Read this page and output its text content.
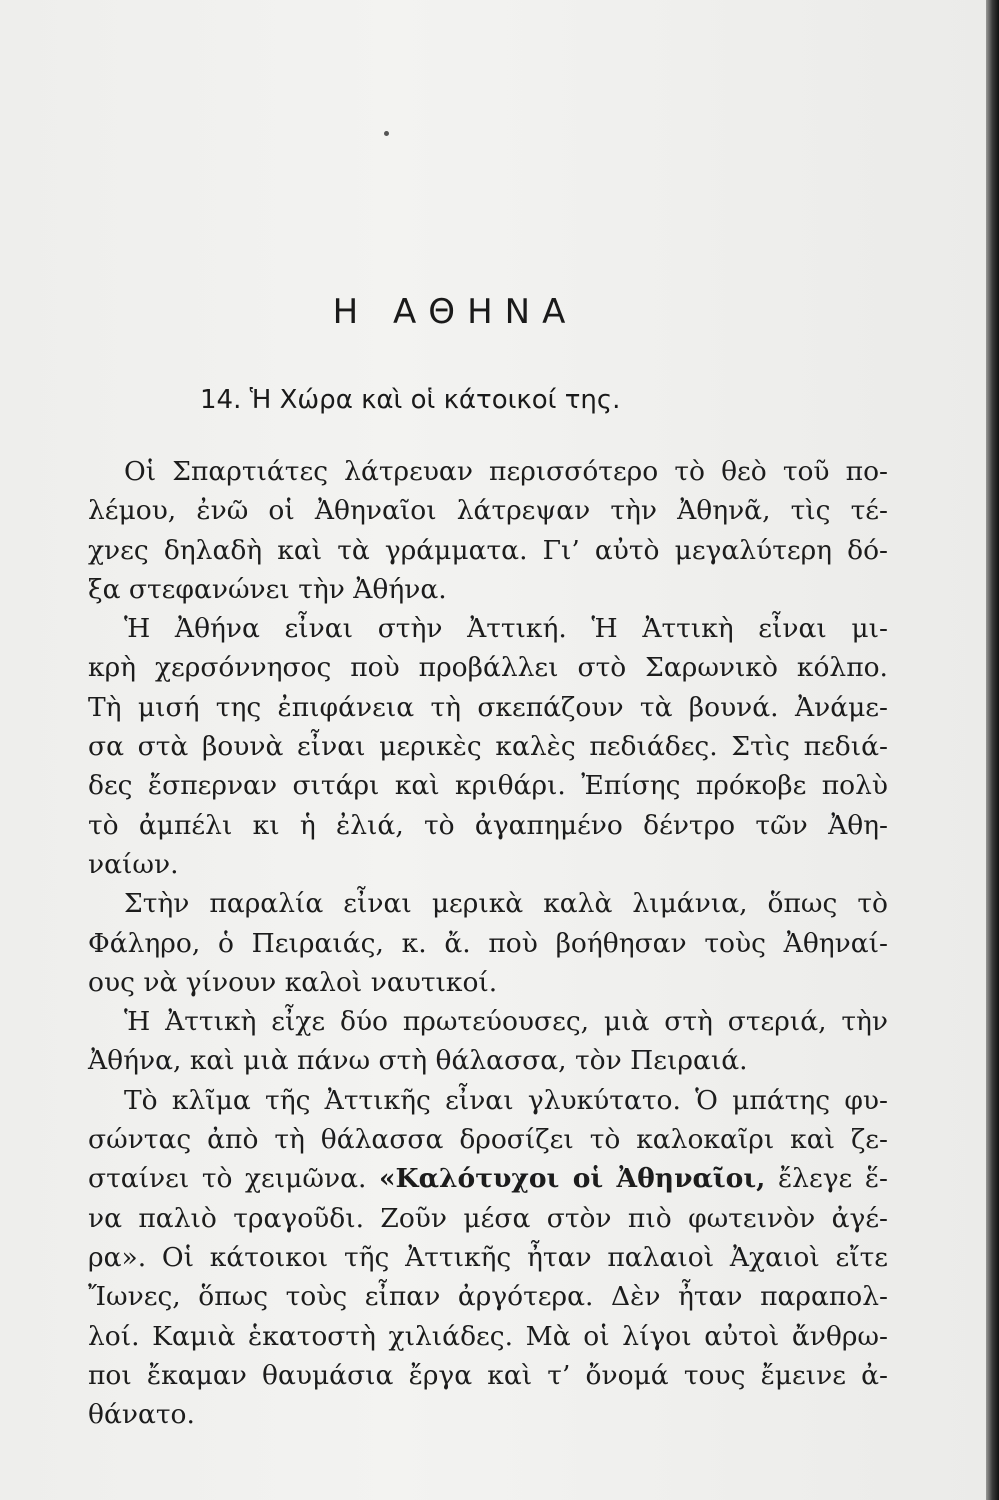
Η ΑΘΗΝΑ
14. Ἡ Χώρα καὶ οἱ κάτοικοί της.
Οἱ Σπαρτιάτες λάτρευαν περισσότερο τὸ θεὸ τοῦ πο-
λέμου, ἐνῶ οἱ Ἀθηναῖοι λάτρεψαν τὴν Ἀθηνᾶ, τὶς τέ-
χνες δηλαδὴ καὶ τὰ γράμματα. Γι’ αὐτὸ μεγαλύτερη δό-
ξα στεφανώνει τὴν Ἀθήνα.
Ἡ Ἀθήνα εἶναι στὴν Ἀττική. Ἡ Ἀττικὴ εἶναι μι-
κρὴ χερσόννησος ποὺ προβάλλει στὸ Σαρωνικὸ κόλπο.
Τὴ μισή της ἐπιφάνεια τὴ σκεπάζουν τὰ βουνά. Ἀνάμε-
σα στὰ βουνὰ εἶναι μερικὲς καλὲς πεδιάδες. Στὶς πεδιά-
δες ἔσπερναν σιτάρι καὶ κριθάρι. Ἐπίσης πρόκοβε πολὺ
τὸ ἀμπέλι κι ἡ ἐλιά, τὸ ἀγαπημένο δέντρο τῶν Ἀθη-
ναίων.
Στὴν παραλία εἶναι μερικὰ καλὰ λιμάνια, ὅπως τὸ
Φάληρο, ὁ Πειραιάς, κ. ἄ. ποὺ βοήθησαν τοὺς Ἀθηναί-
ους νὰ γίνουν καλοὶ ναυτικοί.
Ἡ Ἀττικὴ εἶχε δύο πρωτεύουσες, μιὰ στὴ στεριά, τὴν
Ἀθήνα, καὶ μιὰ πάνω στὴ θάλασσα, τὸν Πειραιά.
Τὸ κλῖμα τῆς Ἀττικῆς εἶναι γλυκύτατο. Ὁ μπάτης φυ-
σώντας ἀπὸ τὴ θάλασσα δροσίζει τὸ καλοκαῖρι καὶ ζε-
σταίνει τὸ χειμῶνα. «Καλότυχοι οἱ Ἀθηναῖοι, ἔλεγε ἕ-
να παλιὸ τραγοῦδι. Ζοῦν μέσα στὸν πιὸ φωτεινὸν ἀγέ-
ρα». Οἱ κάτοικοι τῆς Ἀττικῆς ἦταν παλαιοὶ Ἀχαιοὶ εἴτε
Ἴωνες, ὅπως τοὺς εἶπαν ἀργότερα. Δὲν ἦταν παραπολ-
λοί. Καμιὰ ἑκατοστὴ χιλιάδες. Μὰ οἱ λίγοι αὐτοὶ ἄνθρω-
ποι ἔκαμαν θαυμάσια ἔργα καὶ τ’ ὄνομά τους ἔμεινε ἀ-
θάνατο.
